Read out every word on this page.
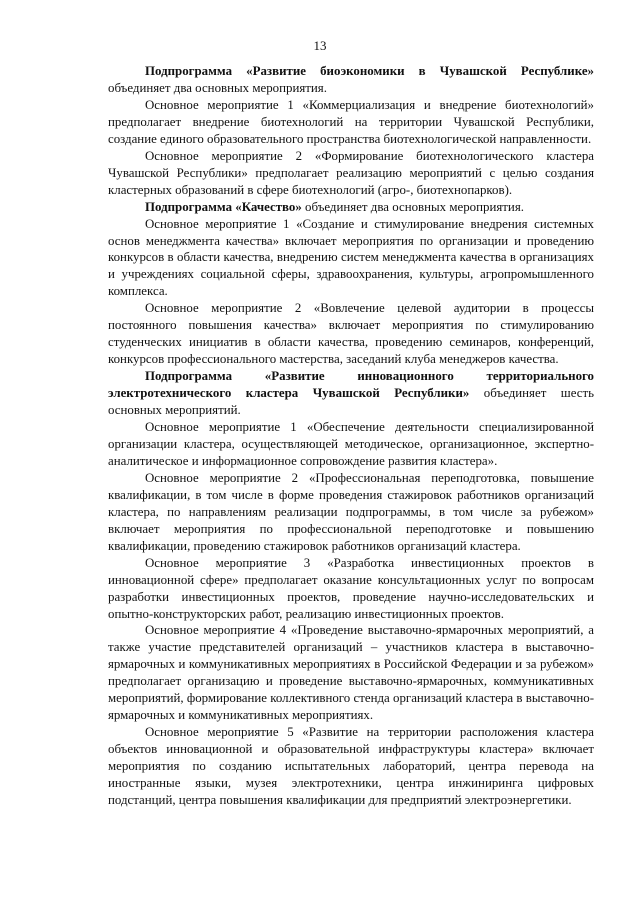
13

Подпрограмма «Развитие биоэкономики в Чувашской Республике» объединяет два основных мероприятия.

Основное мероприятие 1 «Коммерциализация и внедрение биотехнологий» предполагает внедрение биотехнологий на территории Чувашской Республики, создание единого образовательного пространства биотехнологической направленности.

Основное мероприятие 2 «Формирование биотехнологического кластера Чувашской Республики» предполагает реализацию мероприятий с целью создания кластерных образований в сфере биотехнологий (агро-, биотехнопарков).

Подпрограмма «Качество» объединяет два основных мероприятия.

Основное мероприятие 1 «Создание и стимулирование внедрения системных основ менеджмента качества» включает мероприятия по организации и проведению конкурсов в области качества, внедрению систем менеджмента качества в организациях и учреждениях социальной сферы, здравоохранения, культуры, агропромышленного комплекса.

Основное мероприятие 2 «Вовлечение целевой аудитории в процессы постоянного повышения качества» включает мероприятия по стимулированию студенческих инициатив в области качества, проведению семинаров, конференций, конкурсов профессионального мастерства, заседаний клуба менеджеров качества.

Подпрограмма «Развитие инновационного территориального электротехнического кластера Чувашской Республики» объединяет шесть основных мероприятий.

Основное мероприятие 1 «Обеспечение деятельности специализированной организации кластера, осуществляющей методическое, организационное, экспертно-аналитическое и информационное сопровождение развития кластера».

Основное мероприятие 2 «Профессиональная переподготовка, повышение квалификации, в том числе в форме проведения стажировок работников организаций кластера, по направлениям реализации подпрограммы, в том числе за рубежом» включает мероприятия по профессиональной переподготовке и повышению квалификации, проведению стажировок работников организаций кластера.

Основное мероприятие 3 «Разработка инвестиционных проектов в инновационной сфере» предполагает оказание консультационных услуг по вопросам разработки инвестиционных проектов, проведение научно-исследовательских и опытно-конструкторских работ, реализацию инвестиционных проектов.

Основное мероприятие 4 «Проведение выставочно-ярмарочных мероприятий, а также участие представителей организаций – участников кластера в выставочно-ярмарочных и коммуникативных мероприятиях в Российской Федерации и за рубежом» предполагает организацию и проведение выставочно-ярмарочных, коммуникативных мероприятий, формирование коллективного стенда организаций кластера в выставочно-ярмарочных и коммуникативных мероприятиях.

Основное мероприятие 5 «Развитие на территории расположения кластера объектов инновационной и образовательной инфраструктуры кластера» включает мероприятия по созданию испытательных лабораторий, центра перевода на иностранные языки, музея электротехники, центра инжиниринга цифровых подстанций, центра повышения квалификации для предприятий электроэнергетики.
